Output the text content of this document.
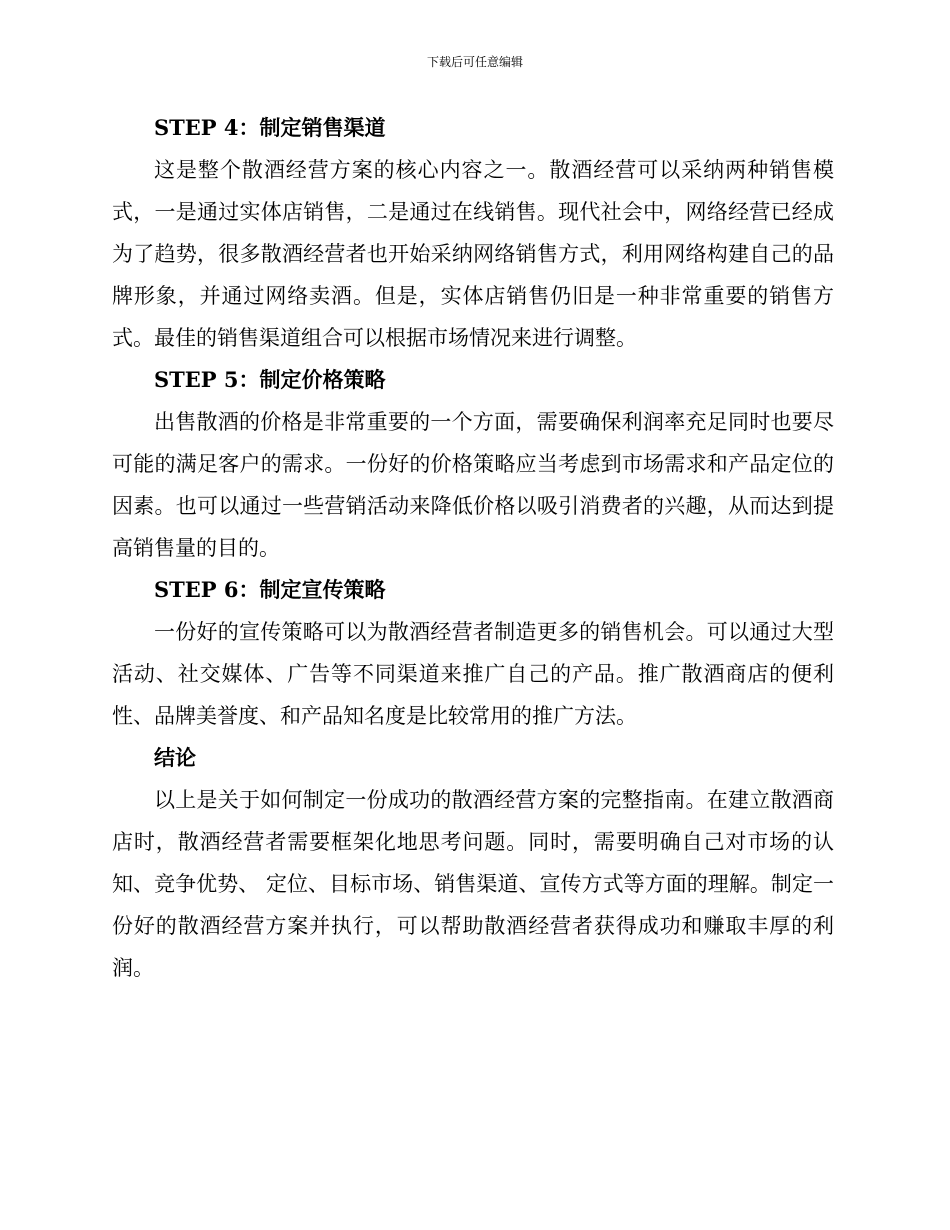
下载后可任意编辑

STEP 4：制定销售渠道

这是整个散酒经营方案的核心内容之一。散酒经营可以采纳两种销售模式，一是通过实体店销售，二是通过在线销售。现代社会中，网络经营已经成为了趋势，很多散酒经营者也开始采纳网络销售方式，利用网络构建自己的品牌形象，并通过网络卖酒。但是，实体店销售仍旧是一种非常重要的销售方式。最佳的销售渠道组合可以根据市场情况来进行调整。

STEP 5：制定价格策略

出售散酒的价格是非常重要的一个方面，需要确保利润率充足同时也要尽可能的满足客户的需求。一份好的价格策略应当考虑到市场需求和产品定位的因素。也可以通过一些营销活动来降低价格以吸引消费者的兴趣，从而达到提高销售量的目的。

STEP 6：制定宣传策略

一份好的宣传策略可以为散酒经营者制造更多的销售机会。可以通过大型活动、社交媒体、广告等不同渠道来推广自己的产品。推广散酒商店的便利性、品牌美誉度、和产品知名度是比较常用的推广方法。

结论

以上是关于如何制定一份成功的散酒经营方案的完整指南。在建立散酒商店时，散酒经营者需要框架化地思考问题。同时，需要明确自己对市场的认知、竞争优势、 定位、目标市场、销售渠道、宣传方式等方面的理解。制定一份好的散酒经营方案并执行，可以帮助散酒经营者获得成功和赚取丰厚的利润。
